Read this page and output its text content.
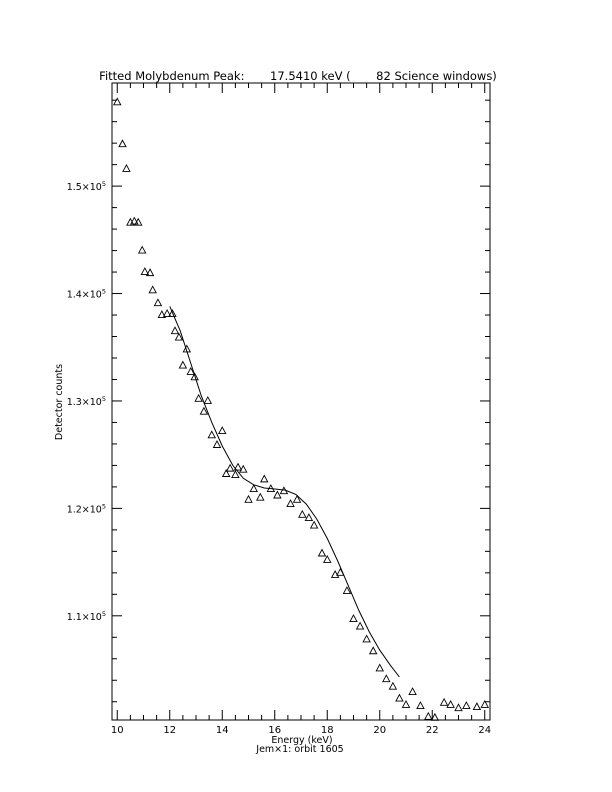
10	12	14	16	18	20	22	24
$1.1\times 10^5$
$1.2\times 10^5$
$1.3\times 10^5$
$1.4\times 10^5$
$1.5\times 10^5$
Fitted Molybdenum Peak:       17.5410 keV (       82 Science windows)
Energy (keV)
Jem×1: orbit 1605
Detector counts
